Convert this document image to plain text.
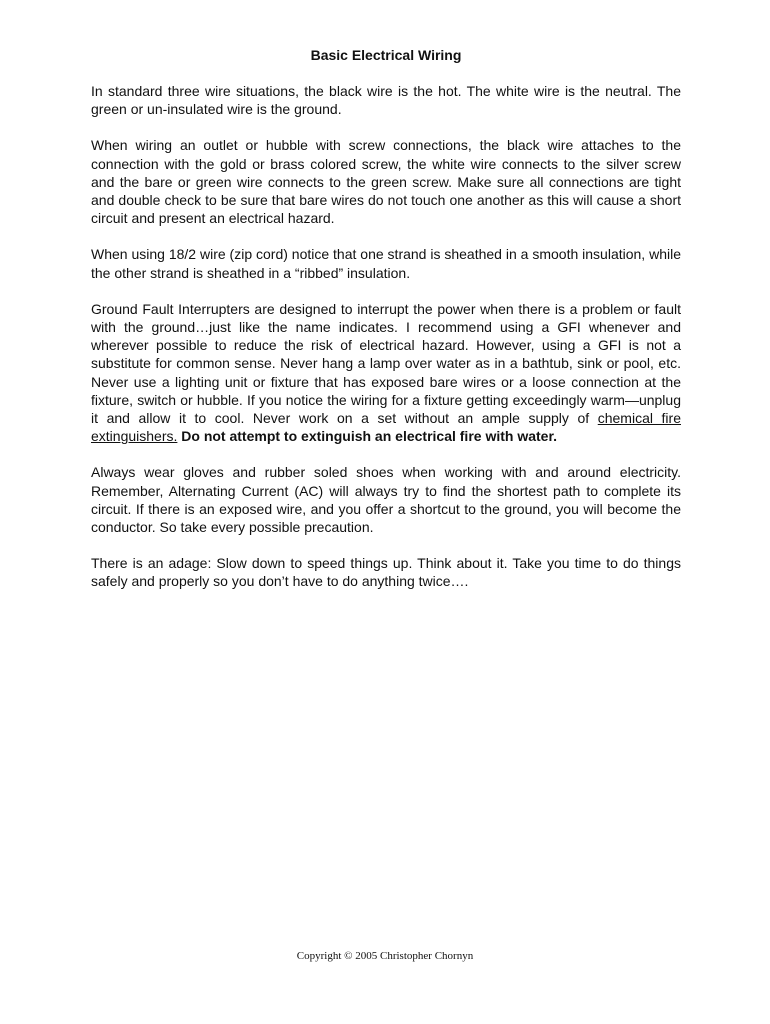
Basic Electrical Wiring

In standard three wire situations, the black wire is the hot. The white wire is the neutral. The green or un-insulated wire is the ground.

When wiring an outlet or hubble with screw connections, the black wire attaches to the connection with the gold or brass colored screw, the white wire connects to the silver screw and the bare or green wire connects to the green screw. Make sure all connections are tight and double check to be sure that bare wires do not touch one another as this will cause a short circuit and present an electrical hazard.

When using 18/2 wire (zip cord) notice that one strand is sheathed in a smooth insulation, while the other strand is sheathed in a “ribbed” insulation.

Ground Fault Interrupters are designed to interrupt the power when there is a problem or fault with the ground…just like the name indicates. I recommend using a GFI whenever and wherever possible to reduce the risk of electrical hazard. However, using a GFI is not a substitute for common sense. Never hang a lamp over water as in a bathtub, sink or pool, etc. Never use a lighting unit or fixture that has exposed bare wires or a loose connection at the fixture, switch or hubble. If you notice the wiring for a fixture getting exceedingly warm—unplug it and allow it to cool. Never work on a set without an ample supply of chemical fire extinguishers. Do not attempt to extinguish an electrical fire with water.

Always wear gloves and rubber soled shoes when working with and around electricity. Remember, Alternating Current (AC) will always try to find the shortest path to complete its circuit. If there is an exposed wire, and you offer a shortcut to the ground, you will become the conductor. So take every possible precaution.

There is an adage: Slow down to speed things up. Think about it. Take you time to do things safely and properly so you don’t have to do anything twice….

Copyright © 2005 Christopher Chornyn
